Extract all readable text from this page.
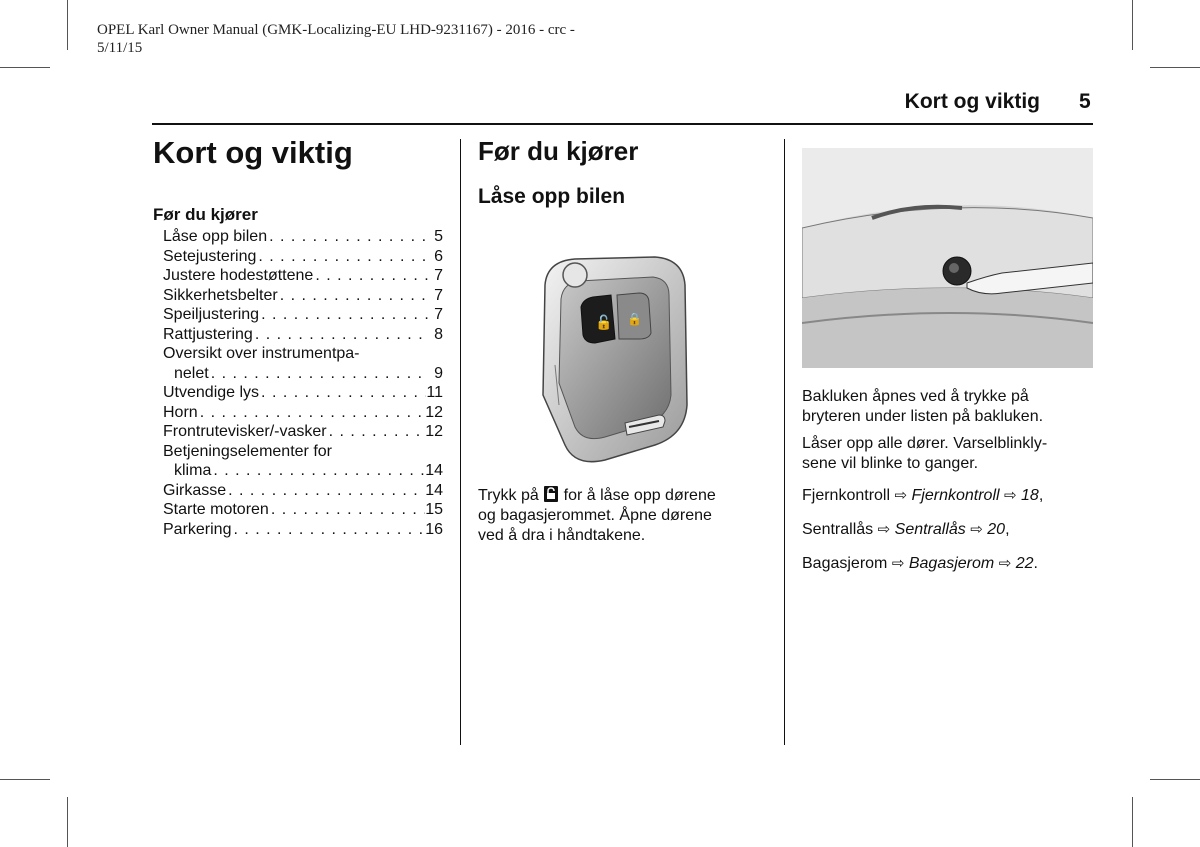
OPEL Karl Owner Manual (GMK-Localizing-EU LHD-9231167) - 2016 - crc - 5/11/15
Kort og viktig 5
Kort og viktig
Før du kjører
Låse opp bilen . . .	5
Setejustering . . .	6
Justere hodestøttene . . .	7
Sikkerhetsbelter . . .	7
Speiljustering . . .	7
Rattjustering . . .	8
Oversikt over instrumentpa-
nelet . . .	9
Utvendige lys . . .	11
Horn . . .	12
Frontrutevisker/-vasker . . .	12
Betjeningselementer for
klima . . .	14
Girkasse . . .	14
Starte motoren . . .	15
Parkering . . .	16
Før du kjører
Låse opp bilen
🔓 🔒
Trykk på for å låse opp dørene
og bagasjerommet. Åpne dørene
ved å dra i håndtakene.
Bakluken åpnes ved å trykke på
bryteren under listen på bakluken.
Låser opp alle dører. Varselblinkly-
sene vil blinke to ganger.
Fjernkontroll ⇨ Fjernkontroll ⇨ 18,
Sentrallås ⇨ Sentrallås ⇨ 20,
Bagasjerom ⇨ Bagasjerom ⇨ 22.
